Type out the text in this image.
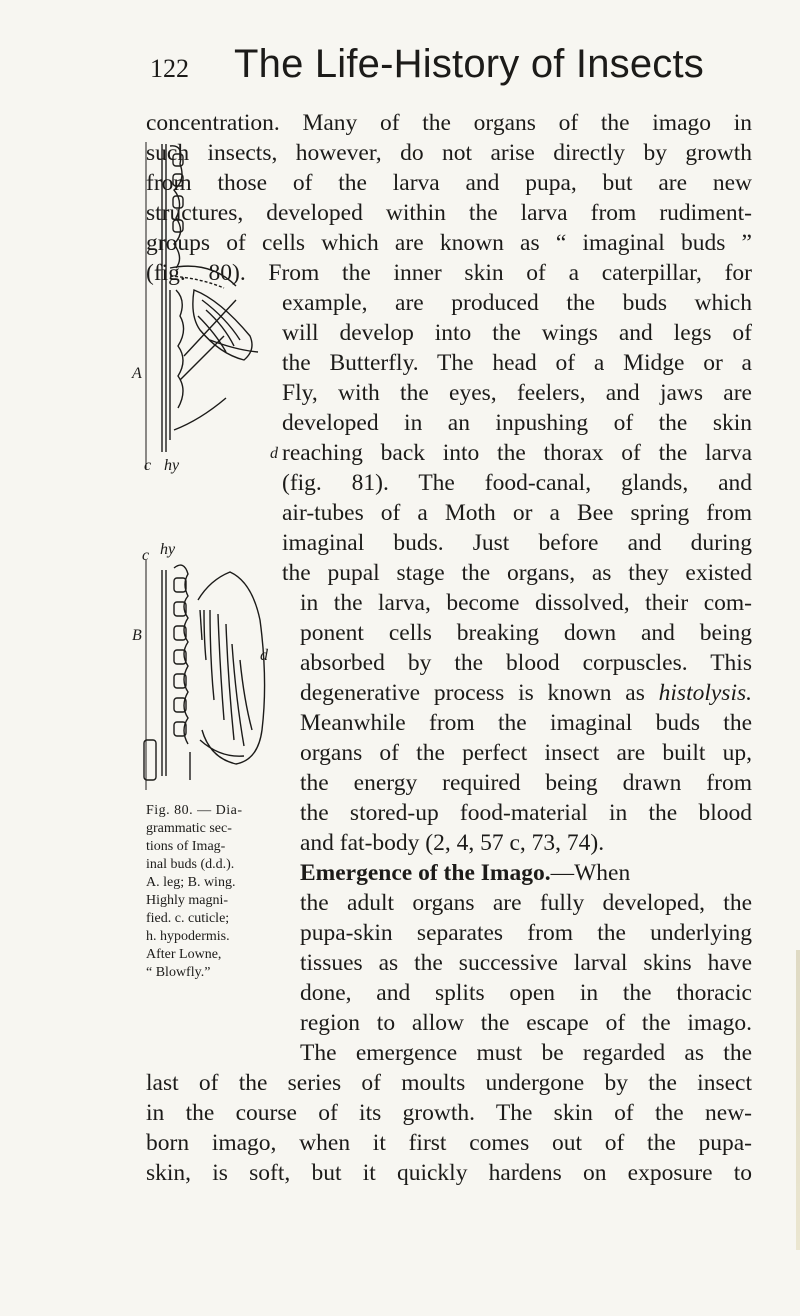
122 The Life-History of Insects
concentration. Many of the organs of the imago in
such insects, however, do not arise directly by growth
from those of the larva and pupa, but are new
structures, developed within the larva from rudiment-
groups of cells which are known as “ imaginal buds ”
(fig. 80). From the inner skin of a caterpillar, for
example, are produced the buds which
will develop into the wings and legs of
the Butterfly. The head of a Midge or a
Fly, with the eyes, feelers, and jaws are
developed in an inpushing of the skin
reaching back into the thorax of the larva
(fig. 81). The food-canal, glands, and
air-tubes of a Moth or a Bee spring from
imaginal buds. Just before and during
the pupal stage the organs, as they existed
in the larva, become dissolved, their com-
ponent cells breaking down and being
absorbed by the blood corpuscles. This
degenerative process is known as histolysis.
Meanwhile from the imaginal buds the
organs of the perfect insect are built up,
the energy required being drawn from
the stored-up food-material in the blood
and fat-body (2, 4, 57 c, 73, 74).
Emergence of the Imago.—When
the adult organs are fully developed, the
pupa-skin separates from the underlying
tissues as the successive larval skins have
done, and splits open in the thoracic
region to allow the escape of the imago.
The emergence must be regarded as the
last of the series of moults undergone by the insect
in the course of its growth. The skin of the new-
born imago, when it first comes out of the pupa-
skin, is soft, but it quickly hardens on exposure to
A
c hy
d
c hy
B
d
Fig. 80. — Dia-
grammatic sec-
tions of Imag-
inal buds (d.d.).
A. leg; B. wing.
Highly magni-
fied. c. cuticle;
h. hypodermis.
After Lowne,
“ Blowfly.”
